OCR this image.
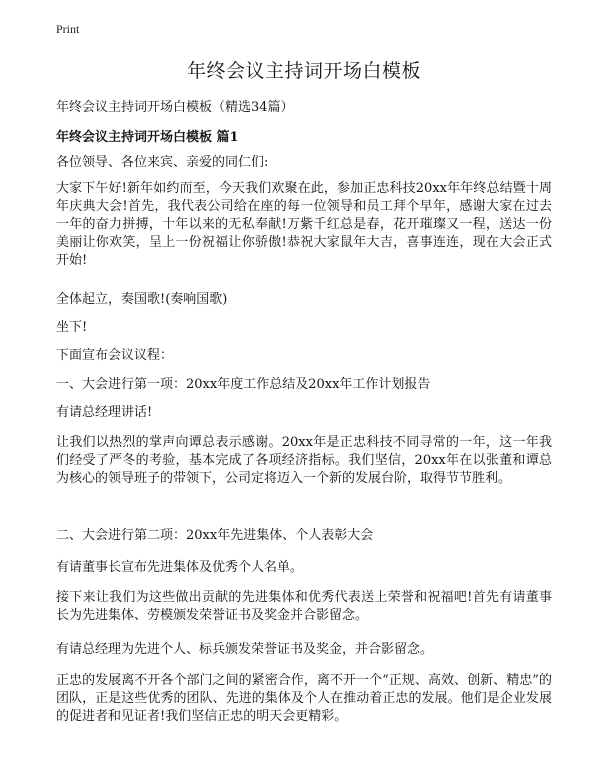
Print
年终会议主持词开场白模板

年终会议主持词开场白模板（精选34篇）

年终会议主持词开场白模板 篇1

各位领导、各位来宾、亲爱的同仁们:

大家下午好!新年如约而至，今天我们欢聚在此，参加正忠科技20xx年年终总结暨十周年庆典大会!首先，我代表公司给在座的每一位领导和员工拜个早年，感谢大家在过去一年的奋力拼搏，十年以来的无私奉献!万紫千红总是春，花开璀璨又一程，送达一份美丽让你欢笑，呈上一份祝福让你骄傲!恭祝大家鼠年大吉，喜事连连，现在大会正式开始!

全体起立，奏国歌!(奏响国歌)

坐下!

下面宣布会议议程：

一、大会进行第一项：20xx年度工作总结及20xx年工作计划报告

有请总经理讲话!

让我们以热烈的掌声向谭总表示感谢。20xx年是正忠科技不同寻常的一年，这一年我们经受了严冬的考验，基本完成了各项经济指标。我们坚信，20xx年在以张董和谭总为核心的领导班子的带领下，公司定将迈入一个新的发展台阶，取得节节胜利。

二、大会进行第二项：20xx年先进集体、个人表彰大会

有请董事长宣布先进集体及优秀个人名单。

接下来让我们为这些做出贡献的先进集体和优秀代表送上荣誉和祝福吧!首先有请董事长为先进集体、劳模颁发荣誉证书及奖金并合影留念。

有请总经理为先进个人、标兵颁发荣誉证书及奖金，并合影留念。

正忠的发展离不开各个部门之间的紧密合作，离不开一个“正规、高效、创新、精忠”的团队，正是这些优秀的团队、先进的集体及个人在推动着正忠的发展。他们是企业发展的促进者和见证者!我们坚信正忠的明天会更精彩。
